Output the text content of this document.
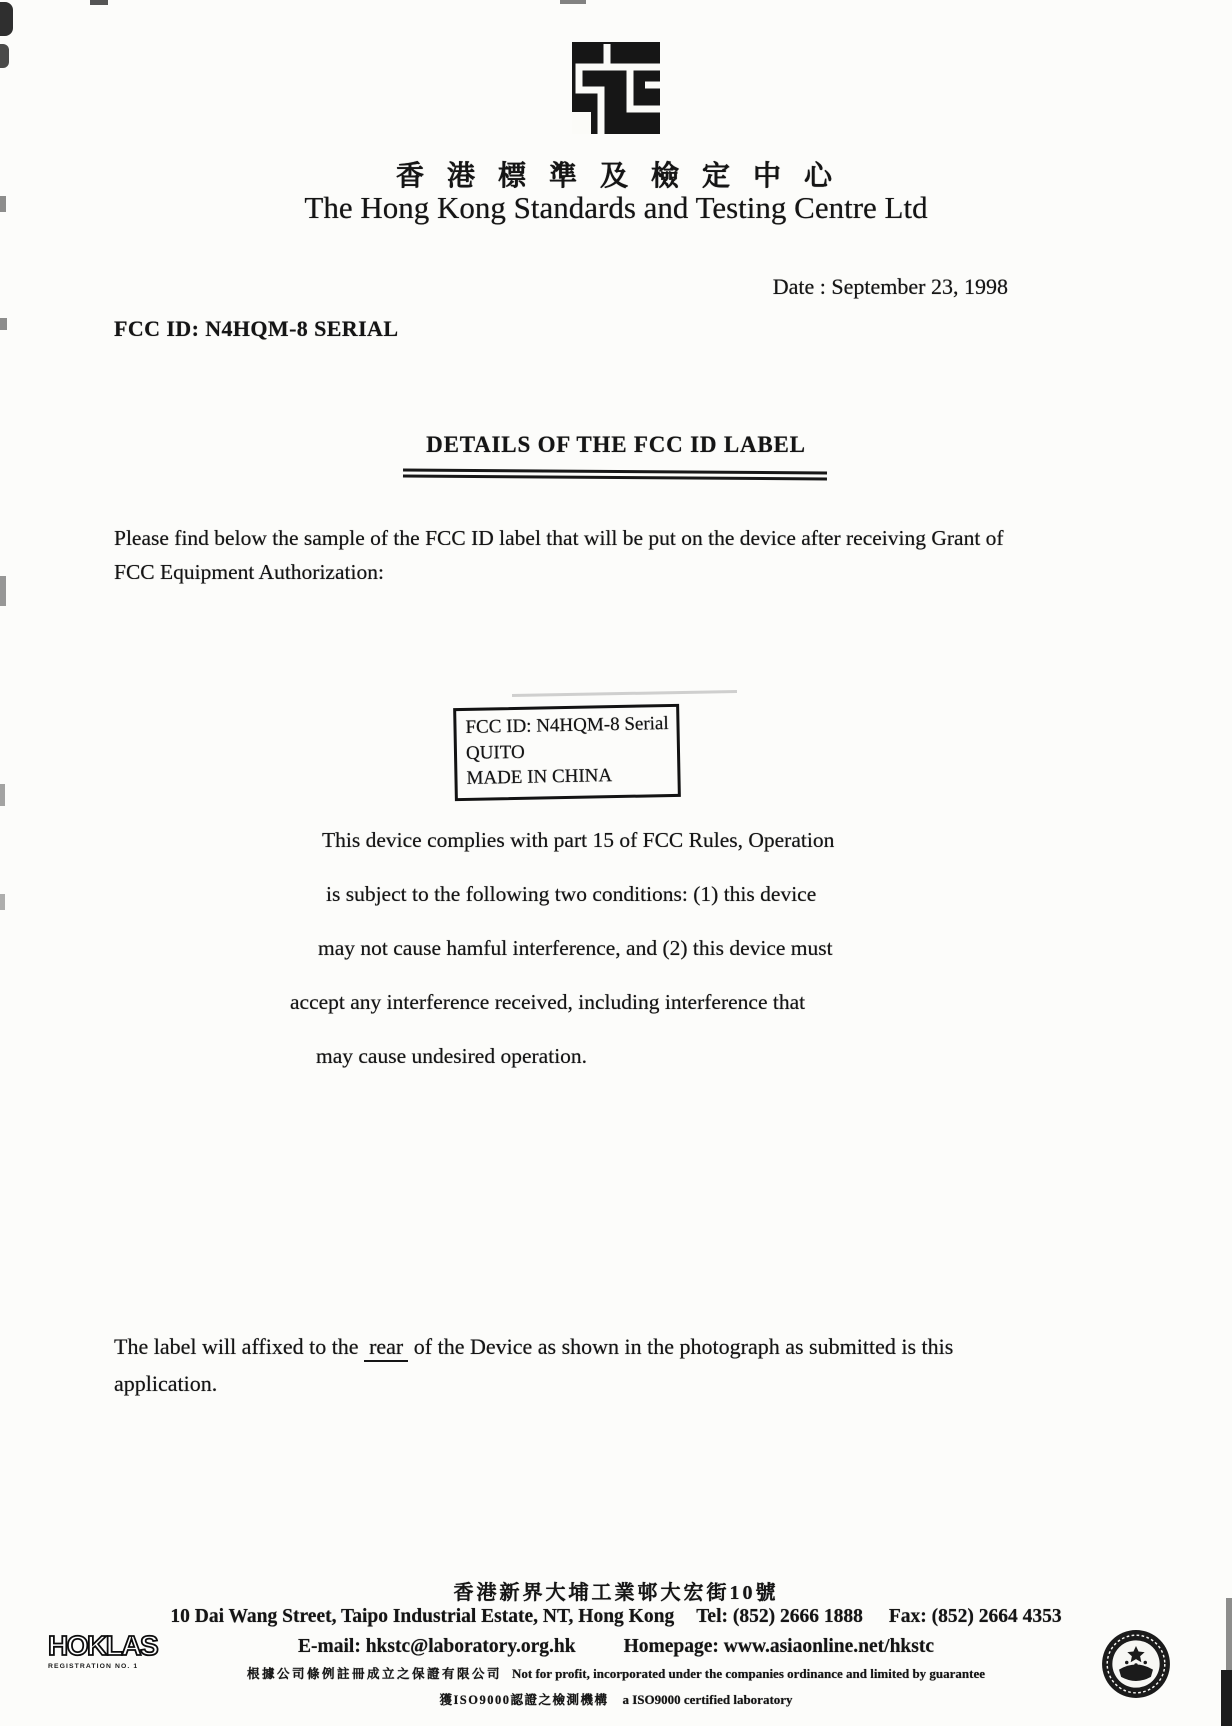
香 港 標 準 及 檢 定 中 心
The Hong Kong Standards and Testing Centre Ltd
Date : September 23, 1998
FCC ID: N4HQM-8 SERIAL
DETAILS OF THE FCC ID LABEL
Please find below the sample of the FCC ID label that will be put on the device after receiving Grant of FCC Equipment Authorization:
FCC ID: N4HQM-8 Serial
QUITO
MADE IN CHINA
This device complies with part 15 of FCC Rules, Operation
is subject to the following two conditions: (1) this device
may not cause hamful interference, and (2) this device must
accept any interference received, including interference that
may cause undesired operation.
The label will affixed to the rear of the Device as shown in the photograph as submitted is this application.
香港新界大埔工業邨大宏街10號
10 Dai Wang Street, Taipo Industrial Estate, NT, Hong Kong Tel: (852) 2666 1888 Fax: (852) 2664 4353
E-mail: hkstc@laboratory.org.hk Homepage: www.asiaonline.net/hkstc
根據公司條例註冊成立之保證有限公司 Not for profit, incorporated under the companies ordinance and limited by guarantee
獲ISO9000認證之檢測機構 a ISO9000 certified laboratory
HOKLAS
REGISTRATION NO. 1
